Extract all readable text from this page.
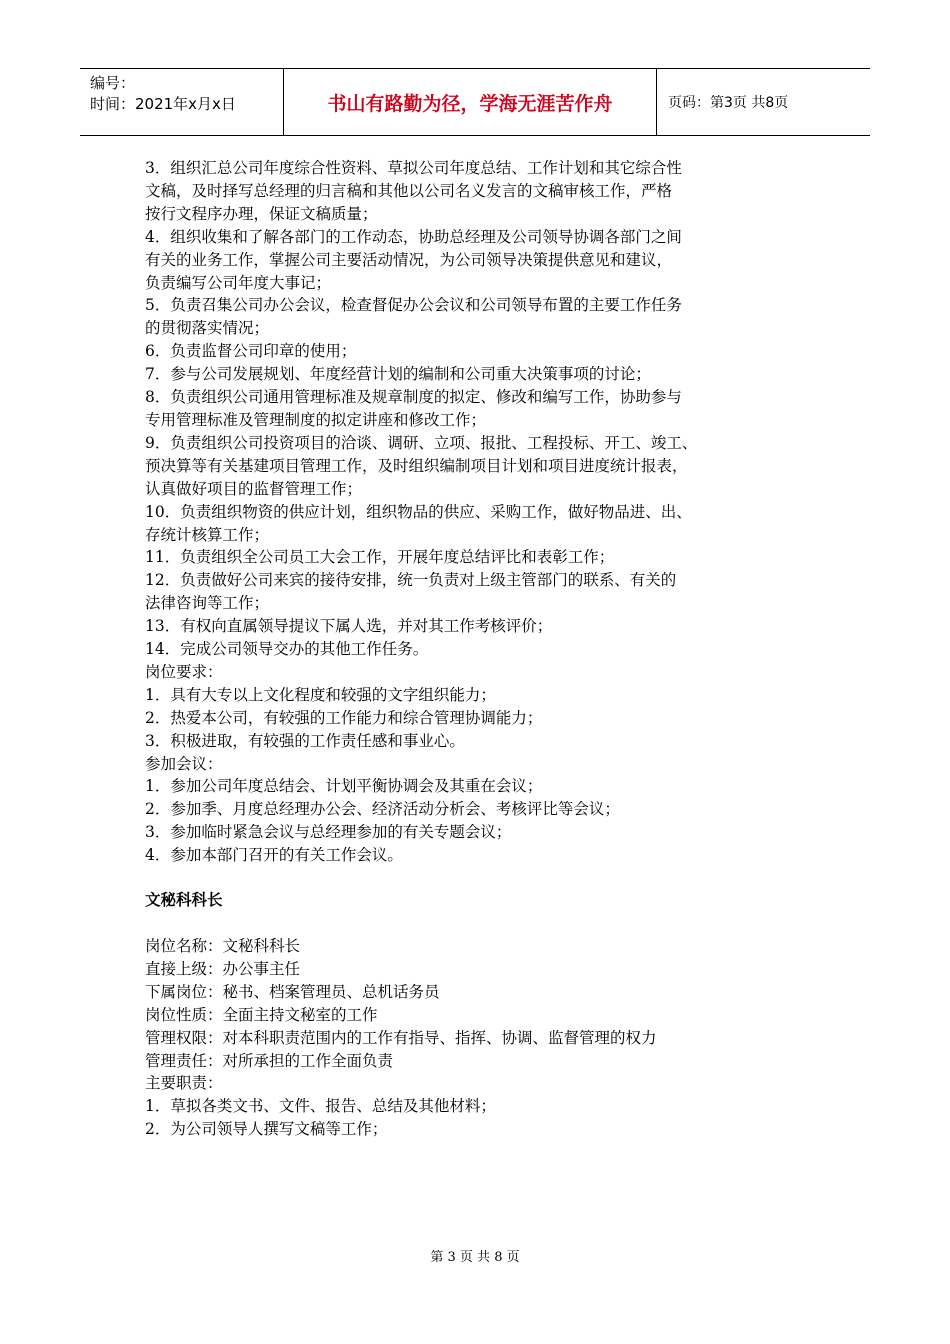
编号：
时间：2021年x月x日	书山有路勤为径，学海无涯苦作舟	页码：第3页 共8页
3．组织汇总公司年度综合性资料、草拟公司年度总结、工作计划和其它综合性
文稿，及时择写总经理的归言稿和其他以公司名义发言的文稿审核工作，严格
按行文程序办理，保证文稿质量；
4．组织收集和了解各部门的工作动态，协助总经理及公司领导协调各部门之间
有关的业务工作，掌握公司主要活动情况，为公司领导决策提供意见和建议，
负责编写公司年度大事记；
5．负责召集公司办公会议，检查督促办公会议和公司领导布置的主要工作任务
的贯彻落实情况；
6．负责监督公司印章的使用；
7．参与公司发展规划、年度经营计划的编制和公司重大决策事项的讨论；
8．负责组织公司通用管理标准及规章制度的拟定、修改和编写工作，协助参与
专用管理标准及管理制度的拟定讲座和修改工作；
9．负责组织公司投资项目的洽谈、调研、立项、报批、工程投标、开工、竣工、
预决算等有关基建项目管理工作，及时组织编制项目计划和项目进度统计报表，
认真做好项目的监督管理工作；
10．负责组织物资的供应计划，组织物品的供应、采购工作，做好物品进、出、
存统计核算工作；
11．负责组织全公司员工大会工作，开展年度总结评比和表彰工作；
12．负责做好公司来宾的接待安排，统一负责对上级主管部门的联系、有关的
法律咨询等工作；
13．有权向直属领导提议下属人选，并对其工作考核评价；
14．完成公司领导交办的其他工作任务。
岗位要求：
1．具有大专以上文化程度和较强的文字组织能力；
2．热爱本公司，有较强的工作能力和综合管理协调能力；
3．积极进取，有较强的工作责任感和事业心。
参加会议：
1．参加公司年度总结会、计划平衡协调会及其重在会议；
2．参加季、月度总经理办公会、经济活动分析会、考核评比等会议；
3．参加临时紧急会议与总经理参加的有关专题会议；
4．参加本部门召开的有关工作会议。
文秘科科长
岗位名称：文秘科科长
直接上级：办公事主任
下属岗位：秘书、档案管理员、总机话务员
岗位性质：全面主持文秘室的工作
管理权限：对本科职责范围内的工作有指导、指挥、协调、监督管理的权力
管理责任：对所承担的工作全面负责
主要职责：
1．草拟各类文书、文件、报告、总结及其他材料；
2．为公司领导人撰写文稿等工作；
第 3 页 共 8 页
